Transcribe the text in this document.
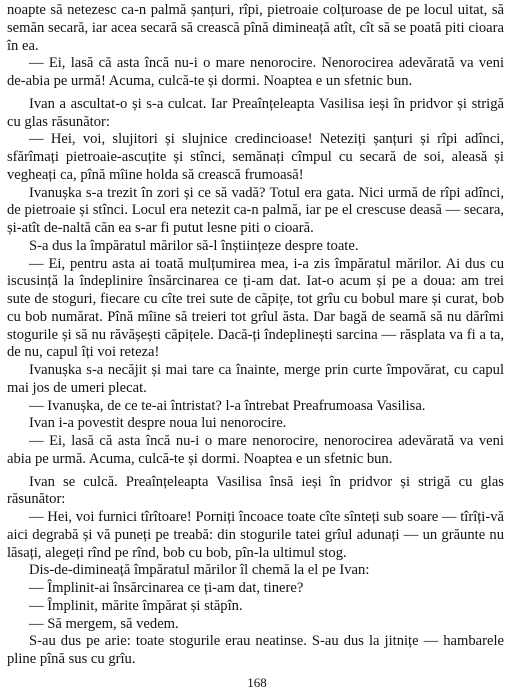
noapte să netezesc ca-n palmă șanțuri, rîpi, pietroaie colțuroase de pe locul uitat, să semăn secară, iar acea secară să crească pînă dimineață atît, cît să se poată piti cioara în ea.

— Ei, lasă că asta încă nu-i o mare nenorocire. Nenorocirea adevărată va veni de-abia pe urmă! Acuma, culcă-te și dormi. Noaptea e un sfetnic bun.

Ivan a ascultat-o și s-a culcat. Iar Preaînțeleapta Vasilisa ieși în pridvor și strigă cu glas răsunător:

— Hei, voi, slujitori și slujnice credincioase! Neteziți șanțuri și rîpi adînci, sfărîmați pietroaie-ascuțite și stînci, semănați cîmpul cu secară de soi, aleasă și vegheați ca, pînă mîine holda să crească frumoasă!

Ivanușka s-a trezit în zori și ce să vadă? Totul era gata. Nici urmă de rîpi adînci, de pietroaie și stînci. Locul era netezit ca-n palmă, iar pe el crescuse deasă — secara, și-atît de-naltă căn ea s-ar fi putut lesne piti o cioară.

S-a dus la împăratul mărilor să-l înștiințeze despre toate.

— Ei, pentru asta ai toată mulțumirea mea, i-a zis împăratul mărilor. Ai dus cu iscusință la îndeplinire însărcinarea ce ți-am dat. Iat-o acum și pe a doua: am trei sute de stoguri, fiecare cu cîte trei sute de căpițe, tot grîu cu bobul mare și curat, bob cu bob numărat. Pînă mîine să treieri tot grîul ăsta. Dar bagă de seamă să nu dărîmi stogurile și să nu răvășești căpițele. Dacă-ți îndeplinești sarcina — răsplata va fi a ta, de nu, capul îți voi reteza!

Ivanușka s-a necăjit și mai tare ca înainte, merge prin curte împovărat, cu capul mai jos de umeri plecat.

— Ivanușka, de ce te-ai întristat? l-a întrebat Preafrumoasa Vasilisa.

Ivan i-a povestit despre noua lui nenorocire.

— Ei, lasă că asta încă nu-i o mare nenorocire, nenorocirea adevărată va veni abia pe urmă. Acuma, culcă-te și dormi. Noaptea e un sfetnic bun.

Ivan se culcă. Preaînțeleapta Vasilisa însă ieși în pridvor și strigă cu glas răsunător:

— Hei, voi furnici tîrîtoare! Porniți încoace toate cîte sînteți sub soare — tîrîți-vă aici degrabă și vă puneți pe treabă: din stogurile tatei grîul adunați — un grăunte nu lăsați, alegeți rînd pe rînd, bob cu bob, pîn-la ultimul stog.

Dis-de-dimineață împăratul mărilor îl chemă la el pe Ivan:

— Împlinit-ai însărcinarea ce ți-am dat, tinere?

— Împlinit, mărite împărat și stăpîn.

— Să mergem, să vedem.

S-au dus pe arie: toate stogurile erau neatinse. S-au dus la jitnițe — hambarele pline pînă sus cu grîu.

168
